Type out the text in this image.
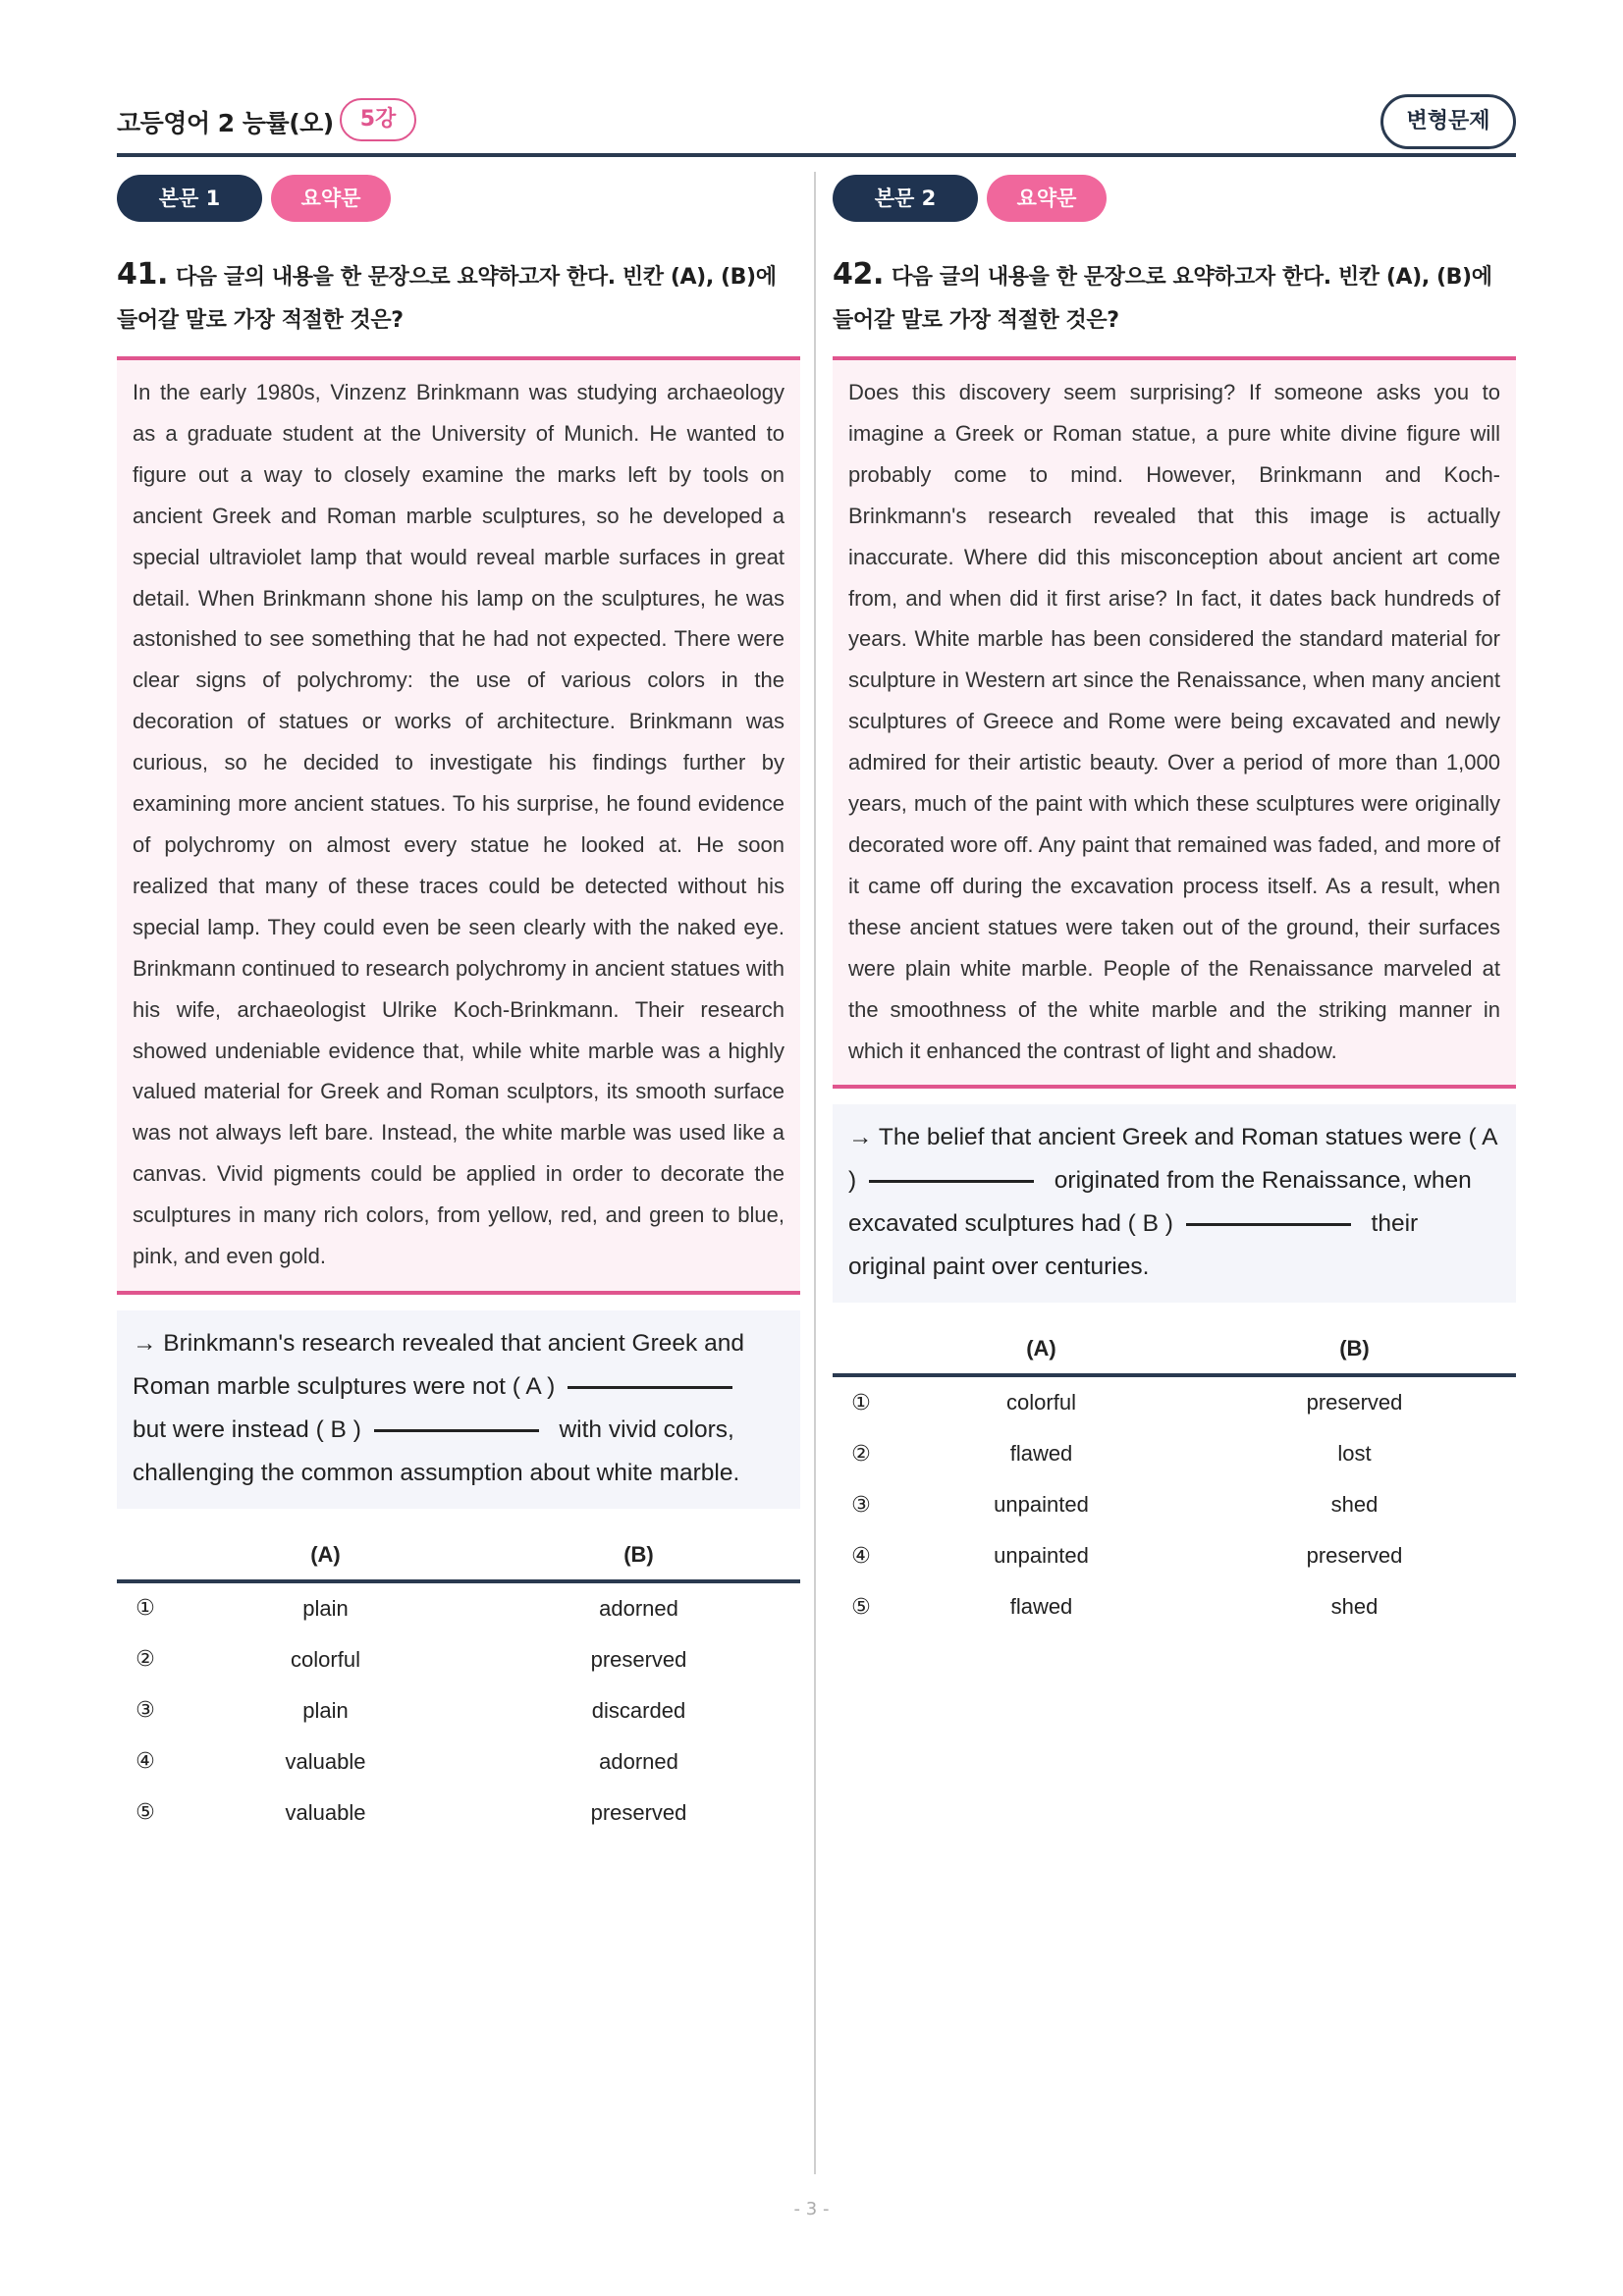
고등영어 2 능률(오)	5강	변형문제
본문 1	요약문
41. 다음 글의 내용을 한 문장으로 요약하고자 한다. 빈칸 (A), (B)에 들어갈 말로 가장 적절한 것은?
In the early 1980s, Vinzenz Brinkmann was studying archaeology as a graduate student at the University of Munich. He wanted to figure out a way to closely examine the marks left by tools on ancient Greek and Roman marble sculptures, so he developed a special ultraviolet lamp that would reveal marble surfaces in great detail. When Brinkmann shone his lamp on the sculptures, he was astonished to see something that he had not expected. There were clear signs of polychromy: the use of various colors in the decoration of statues or works of architecture. Brinkmann was curious, so he decided to investigate his findings further by examining more ancient statues. To his surprise, he found evidence of polychromy on almost every statue he looked at. He soon realized that many of these traces could be detected without his special lamp. They could even be seen clearly with the naked eye. Brinkmann continued to research polychromy in ancient statues with his wife, archaeologist Ulrike Koch-Brinkmann. Their research showed undeniable evidence that, while white marble was a highly valued material for Greek and Roman sculptors, its smooth surface was not always left bare. Instead, the white marble was used like a canvas. Vivid pigments could be applied in order to decorate the sculptures in many rich colors, from yellow, red, and green to blue, pink, and even gold.
→ Brinkmann's research revealed that ancient Greek and Roman marble sculptures were not ( A )  but were instead ( B )	with vivid colors, challenging the common assumption about white marble.
	(A)	(B)
①	plain	adorned
②	colorful	preserved
③	plain	discarded
④	valuable	adorned
⑤	valuable	preserved
본문 2	요약문
42. 다음 글의 내용을 한 문장으로 요약하고자 한다. 빈칸 (A), (B)에 들어갈 말로 가장 적절한 것은?
Does this discovery seem surprising? If someone asks you to imagine a Greek or Roman statue, a pure white divine figure will probably come to mind. However, Brinkmann and Koch-Brinkmann's research revealed that this image is actually inaccurate. Where did this misconception about ancient art come from, and when did it first arise? In fact, it dates back hundreds of years. White marble has been considered the standard material for sculpture in Western art since the Renaissance, when many ancient sculptures of Greece and Rome were being excavated and newly admired for their artistic beauty. Over a period of more than 1,000 years, much of the paint with which these sculptures were originally decorated wore off. Any paint that remained was faded, and more of it came off during the excavation process itself. As a result, when these ancient statues were taken out of the ground, their surfaces were plain white marble. People of the Renaissance marveled at the smoothness of the white marble and the striking manner in which it enhanced the contrast of light and shadow.
→ The belief that ancient Greek and Roman statues were ( A )	originated from the Renaissance, when excavated sculptures had ( B )	their original paint over centuries.
	(A)	(B)
①	colorful	preserved
②	flawed	lost
③	unpainted	shed
④	unpainted	preserved
⑤	flawed	shed
- 3 -
